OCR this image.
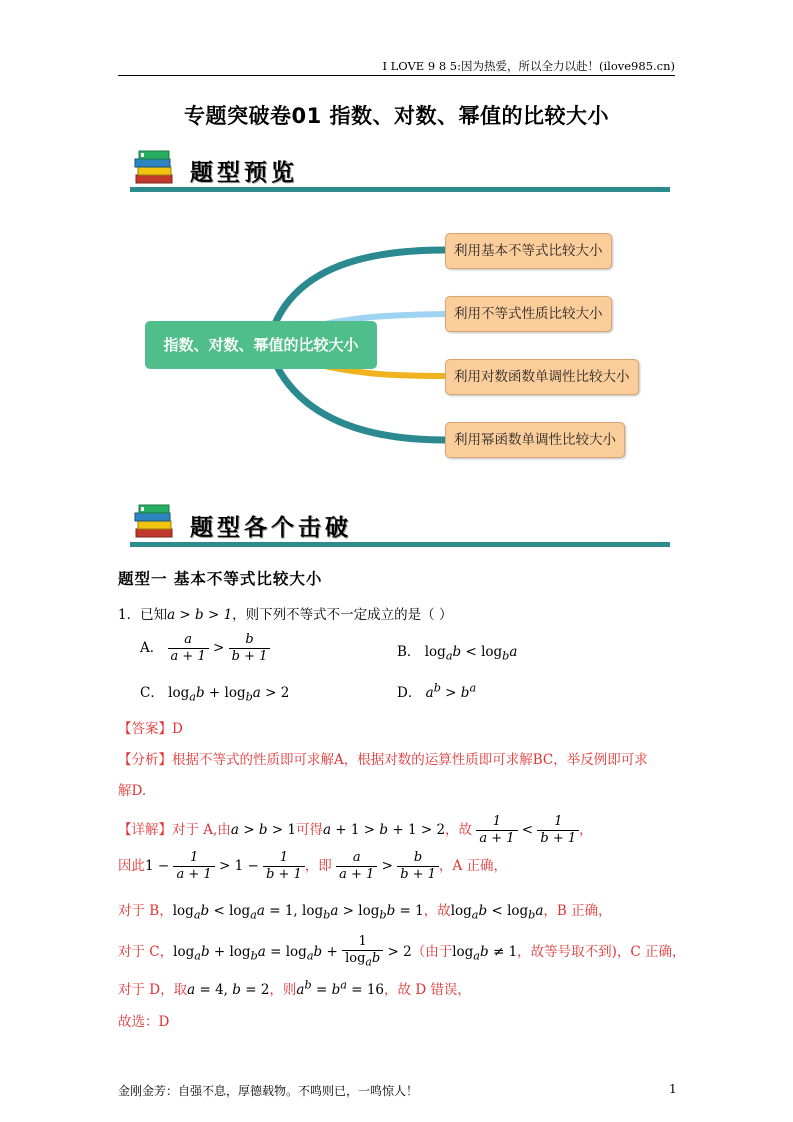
I LOVE 9 8 5:因为热爱，所以全力以赴！(ilove985.cn)
专题突破卷01 指数、对数、幂值的比较大小
题型预览
指数、对数、幂值的比较大小
利用基本不等式比较大小
利用不等式性质比较大小
利用对数函数单调性比较大小
利用幂函数单调性比较大小
题型各个击破
题型一 基本不等式比较大小
1．已知a > b > 1，则下列不等式不一定成立的是（ ）
A． $\frac{a}{a + 1} > \frac{b}{b + 1}$	B． $\log_ab < \log_ba$
C． $\log_ab + \log_ba > 2$	D． $a^b > b^a$
【答案】D
【分析】根据不等式的性质即可求解A，根据对数的运算性质即可求解BC，举反例即可求
解D.
【详解】对于 A,由a > b > 1可得a + 1 > b + 1 > 2，故 $\frac{1}{a + 1} < \frac{1}{b + 1}$ ，
因此$1 - \frac{1}{a + 1} > 1 - \frac{1}{b + 1}$ ，即 $\frac{a}{a + 1} > \frac{b}{b + 1}$ ，A 正确，
对于 B，$\log_ab < \log_aa = 1$, $\log_ba > \log_bb = 1$，故$\log_ab < \log_ba$，B 正确，
对于 C，$\log_ab + \log_ba = \log_ab + \frac{1}{\log_ab} > 2$（由于$\log_ab \ne 1$，故等号取不到)，C 正确，
对于 D，取a = 4, b = 2，则$a^b = b^a = 16$，故 D 错误，
故选：D
金刚金芳：自强不息，厚德载物。不鸣则已，一鸣惊人！	1
